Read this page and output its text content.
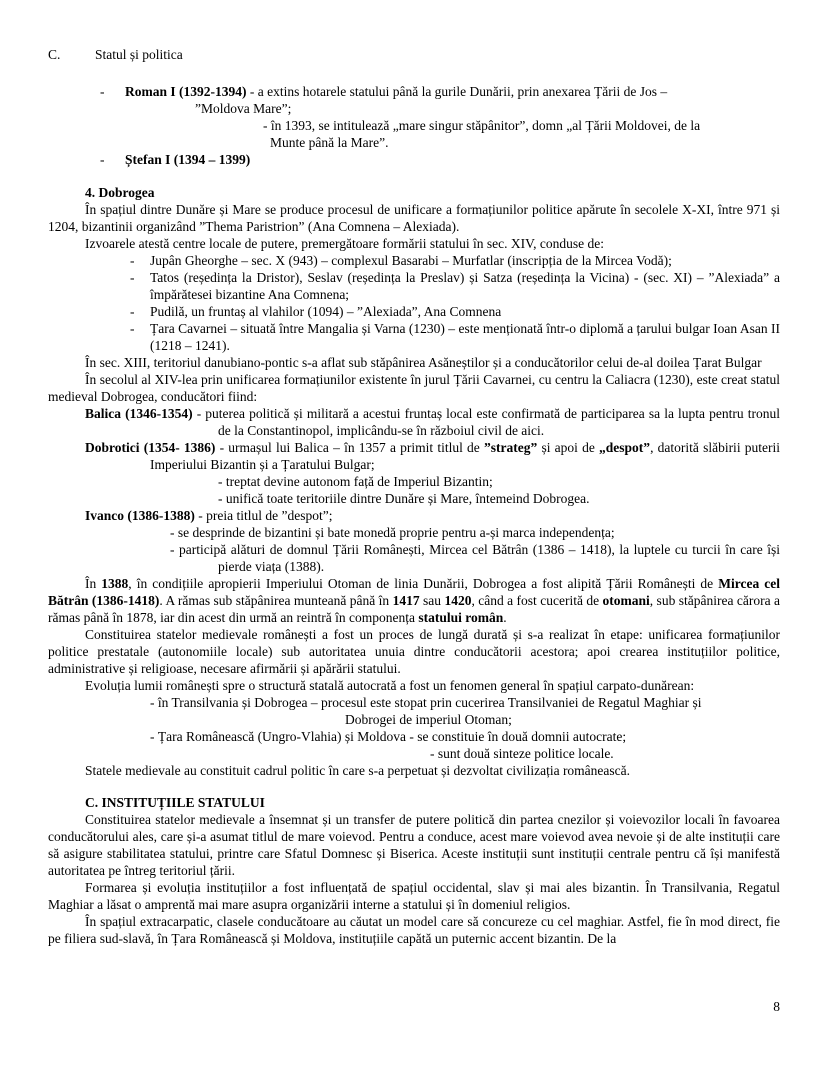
C.	Statul și politica
- Roman I (1392-1394) - a extins hotarele statului până la gurile Dunării, prin anexarea Țării de Jos –
”Moldova Mare”;
- în 1393, se intitulează „mare singur stăpânitor”, domn „al Țării Moldovei, de la
Munte până la Mare”.
- Ștefan I (1394 – 1399)
4. Dobrogea
În spațiul dintre Dunăre și Mare se produce procesul de unificare a formațiunilor politice apărute în secolele X-XI, între 971 și 1204, bizantinii organizând ”Thema Paristrion” (Ana Comnena – Alexiada).
Izvoarele atestă centre locale de putere, premergătoare formării statului în sec. XIV, conduse de:
- Jupân Gheorghe – sec. X (943) – complexul Basarabi – Murfatlar (inscripția de la Mircea Vodă);
- Tatos (reședința la Dristor), Seslav (reședința la Preslav) și Satza (reședința la Vicina) - (sec. XI) – ”Alexiada” a împărătesei bizantine Ana Comnena;
- Pudilă, un fruntaș al vlahilor (1094) – ”Alexiada”, Ana Comnena
- Țara Cavarnei – situată între Mangalia și Varna (1230) – este menționată într-o diplomă a țarului bulgar Ioan Asan II (1218 – 1241).
În sec. XIII, teritoriul danubiano-pontic s-a aflat sub stăpânirea Asăneștilor și a conducătorilor celui de-al doilea Țarat Bulgar
În secolul al XIV-lea prin unificarea formațiunilor existente în jurul Țării Cavarnei, cu centru la Caliacra (1230), este creat statul medieval Dobrogea, conducători fiind:
Balica (1346-1354) - puterea politică și militară a acestui fruntaș local este confirmată de participarea sa la lupta pentru tronul de la Constantinopol, implicându-se în războiul civil de aici.
Dobrotici (1354- 1386) - urmașul lui Balica – în 1357 a primit titlul de ”strateg” și apoi de „despot”, datorită slăbirii puterii Imperiului Bizantin și a Țaratului Bulgar;
- treptat devine autonom față de Imperiul Bizantin;
- unifică toate teritoriile dintre Dunăre și Mare, întemeind Dobrogea.
Ivanco (1386-1388) - preia titlul de ”despot”;
- se desprinde de bizantini și bate monedă proprie pentru a-și marca independența;
- participă alături de domnul Țării Românești, Mircea cel Bătrân (1386 – 1418), la luptele cu turcii în care își pierde viața (1388).
În 1388, în condițiile apropierii Imperiului Otoman de linia Dunării, Dobrogea a fost alipită Țării Românești de Mircea cel Bătrân (1386-1418). A rămas sub stăpânirea munteană până în 1417 sau 1420, când a fost cucerită de otomani, sub stăpânirea cărora a rămas până în 1878, iar din acest din urmă an reintră în componența statului român.
Constituirea statelor medievale românești a fost un proces de lungă durată și s-a realizat în etape: unificarea formațiunilor politice prestatale (autonomiile locale) sub autoritatea unuia dintre conducătorii acestora; apoi crearea instituțiilor politice, administrative și religioase, necesare afirmării și apărării statului.
Evoluția lumii românești spre o structură statală autocrată a fost un fenomen general în spațiul carpato-dunărean:
- în Transilvania și Dobrogea – procesul este stopat prin cucerirea Transilvaniei de Regatul Maghiar și
Dobrogei de imperiul Otoman;
- Țara Românească (Ungro-Vlahia) și Moldova - se constituie în două domnii autocrate;
- sunt două sinteze politice locale.
Statele medievale au constituit cadrul politic în care s-a perpetuat și dezvoltat civilizația românească.
C. INSTITUȚIILE STATULUI
Constituirea statelor medievale a însemnat și un transfer de putere politică din partea cnezilor și voievozilor locali în favoarea conducătorului ales, care și-a asumat titlul de mare voievod. Pentru a conduce, acest mare voievod avea nevoie și de alte instituții care să asigure stabilitatea statului, printre care Sfatul Domnesc și Biserica. Aceste instituții sunt instituții centrale pentru că își manifestă autoritatea pe întreg teritoriul țării.
Formarea și evoluția instituțiilor a fost influențată de spațiul occidental, slav și mai ales bizantin. În Transilvania, Regatul Maghiar a lăsat o amprentă mai mare asupra organizării interne a statului și în domeniul religios.
În spațiul extracarpatic, clasele conducătoare au căutat un model care să concureze cu cel maghiar. Astfel, fie în mod direct, fie pe filiera sud-slavă, în Țara Românească și Moldova, instituțiile capătă un puternic accent bizantin. De la
8
